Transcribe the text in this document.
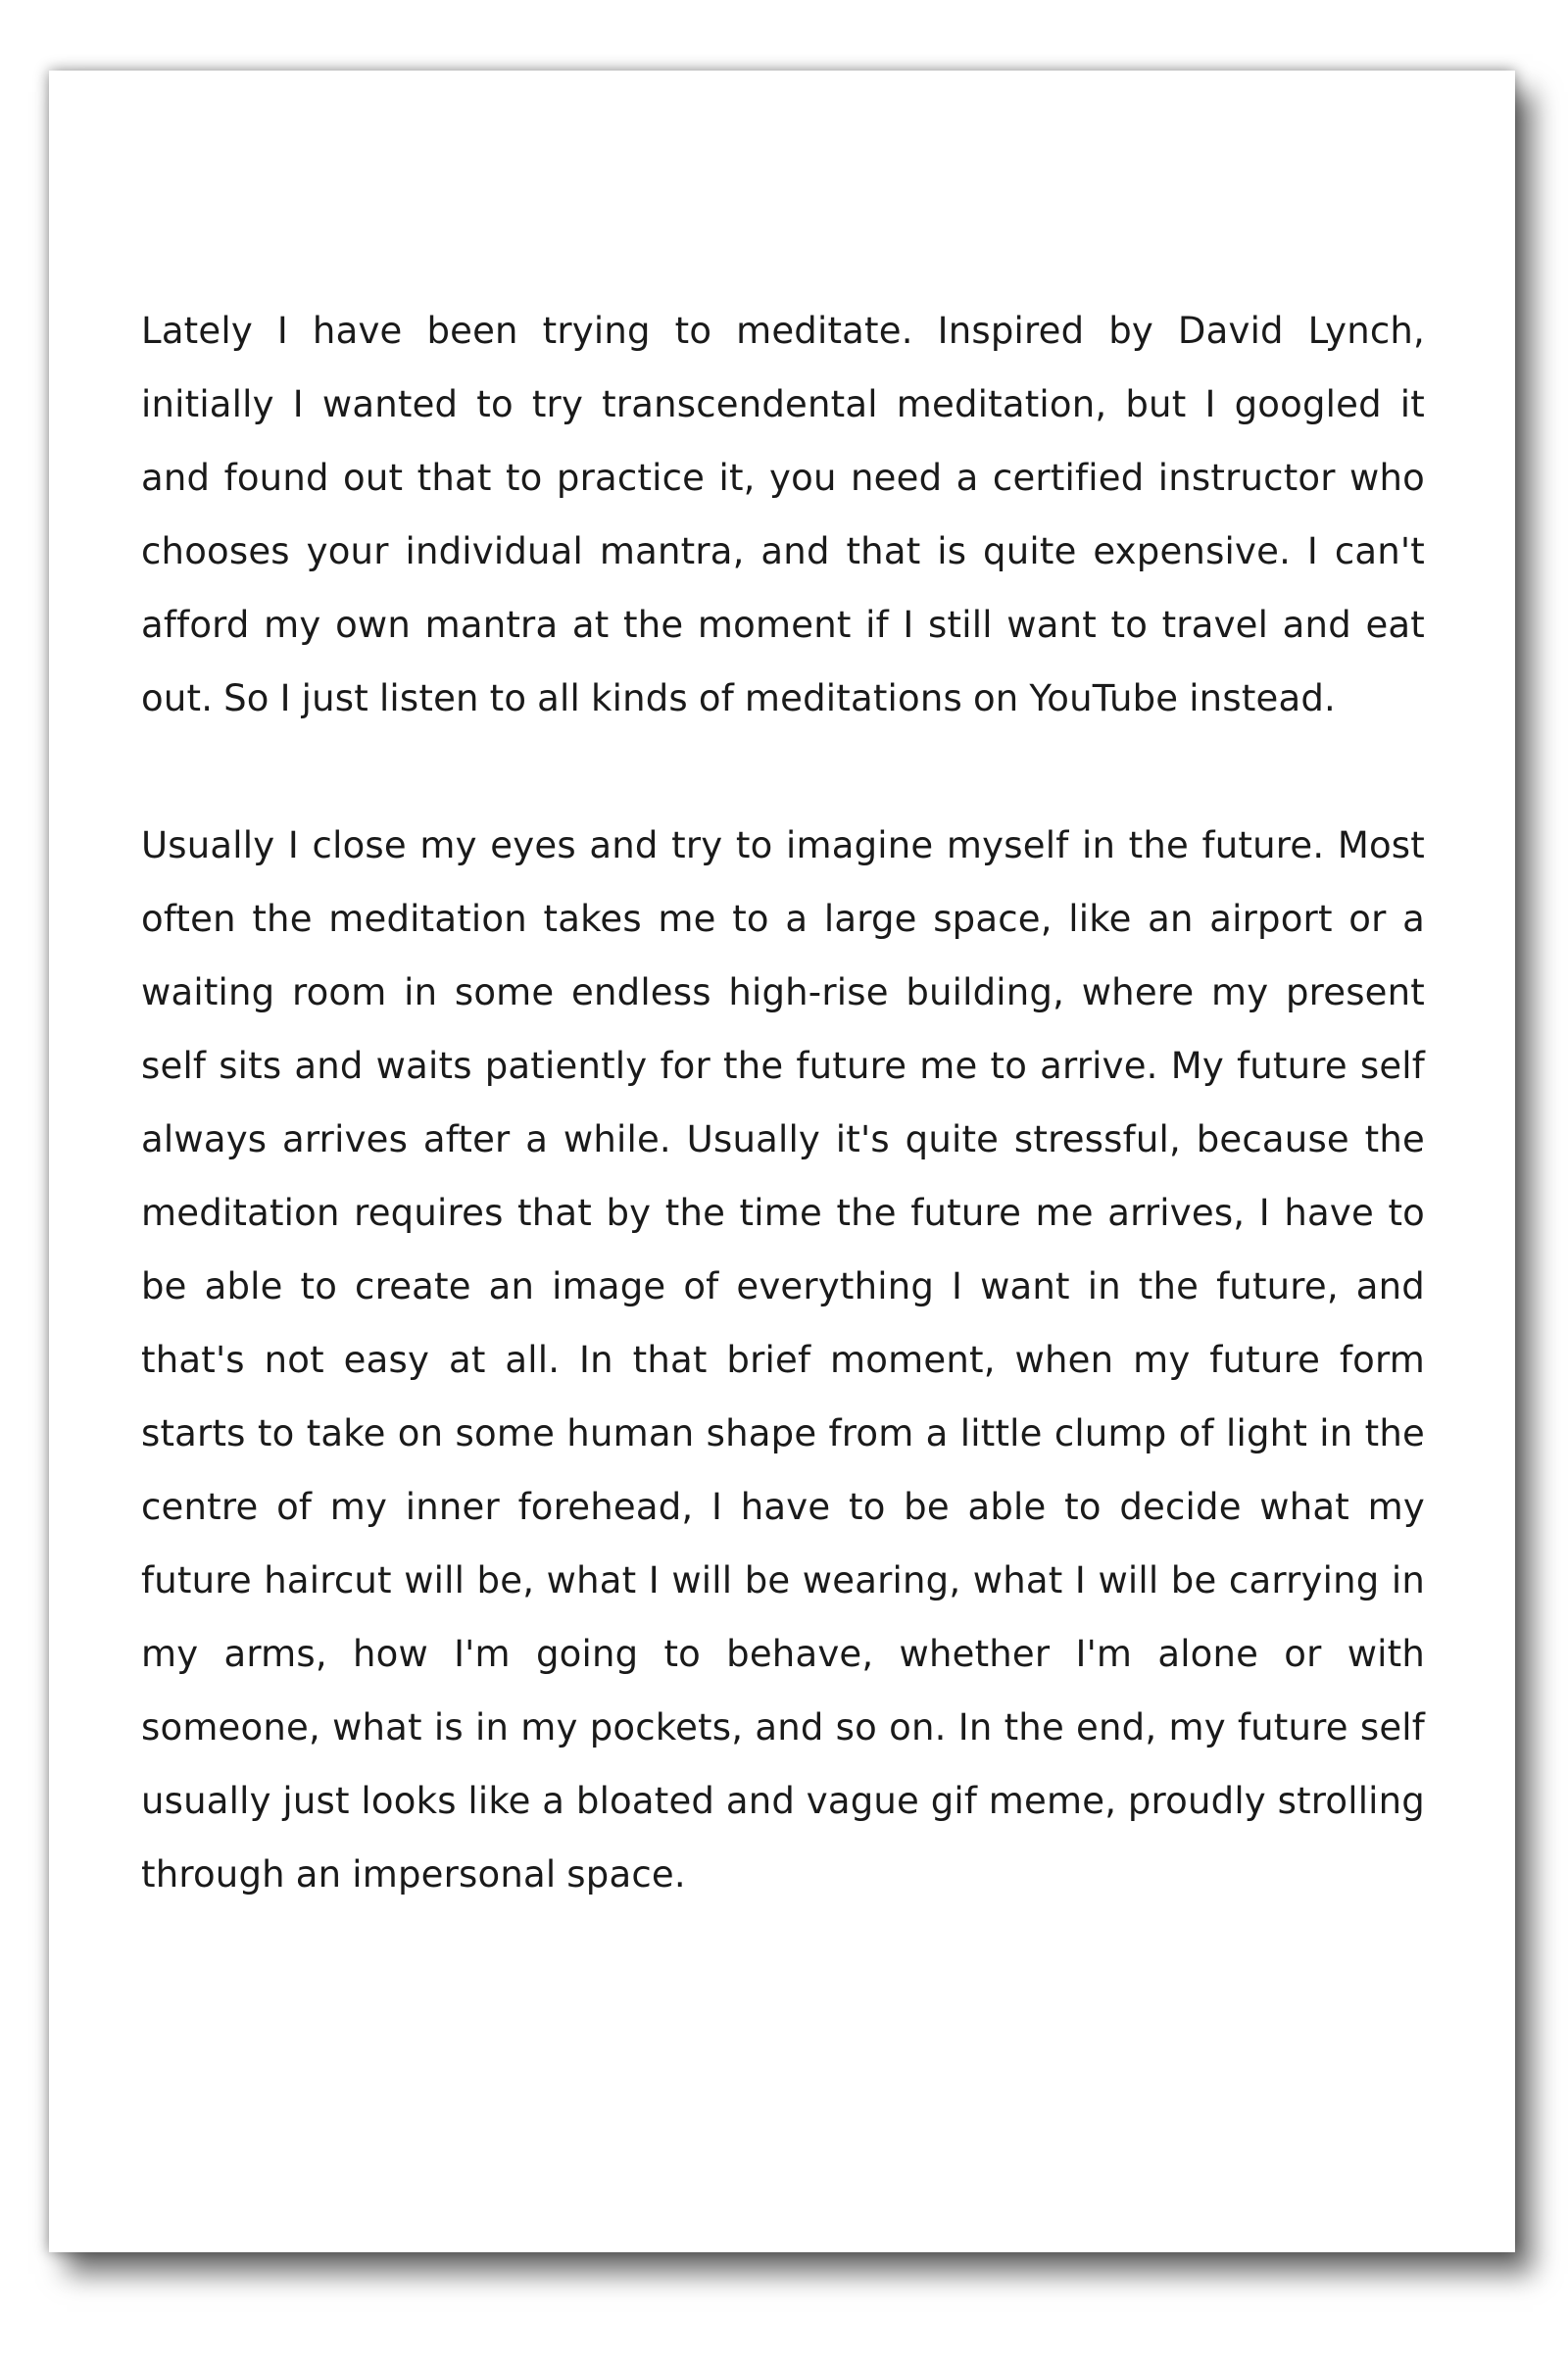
Lately I have been trying to meditate. Inspired by David Lynch, initially I wanted to try transcendental meditation, but I googled it and found out that to practice it, you need a certified instructor who chooses your individual mantra, and that is quite expensive. I can't afford my own mantra at the moment if I still want to travel and eat out. So I just listen to all kinds of meditations on YouTube instead.

Usually I close my eyes and try to imagine myself in the future. Most often the meditation takes me to a large space, like an airport or a waiting room in some endless high-rise building, where my present self sits and waits patiently for the future me to arrive. My future self always arrives after a while. Usually it's quite stressful, because the meditation requires that by the time the future me arrives, I have to be able to create an image of everything I want in the future, and that's not easy at all. In that brief moment, when my future form starts to take on some human shape from a little clump of light in the centre of my inner forehead, I have to be able to decide what my future haircut will be, what I will be wearing, what I will be carrying in my arms, how I'm going to behave, whether I'm alone or with someone, what is in my pockets, and so on. In the end, my future self usually just looks like a bloated and vague gif meme, proudly strolling through an impersonal space.
